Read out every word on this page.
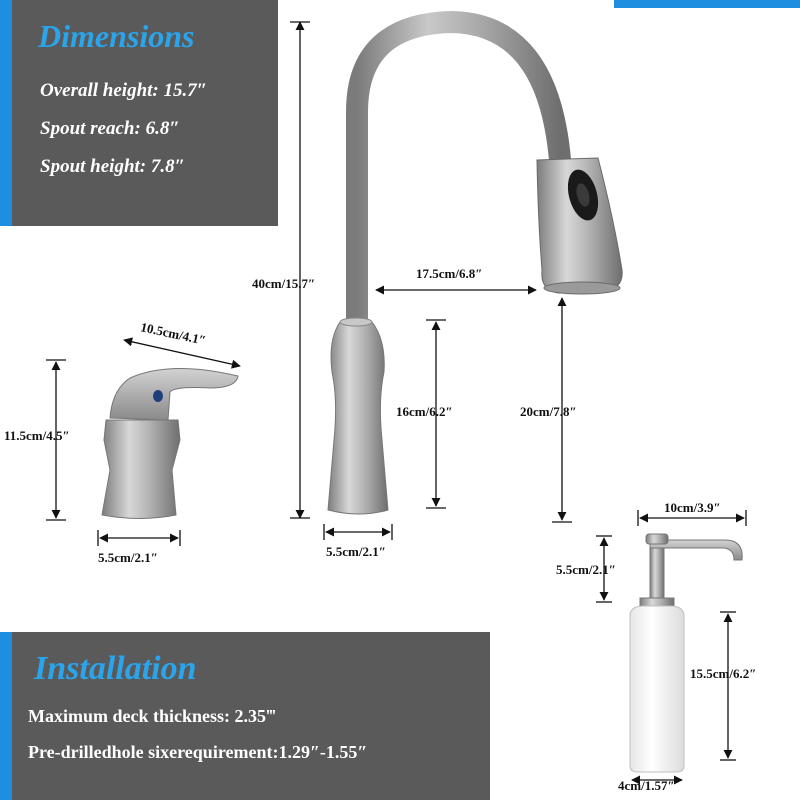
Dimensions
Overall height: 15.7″
Spout reach: 6.8″
Spout height: 7.8″
Installation
Maximum deck thickness: 2.35‴
Pre-drilledhole sixerequirement:1.29″-1.55″
10.5cm/4.1″
11.5cm/4.5″
5.5cm/2.1″
40cm/15.7″
17.5cm/6.8″
16cm/6.2″	20cm/7.8″
5.5cm/2.1″
10cm/3.9″
5.5cm/2.1″
15.5cm/6.2″
4cm/1.57″
